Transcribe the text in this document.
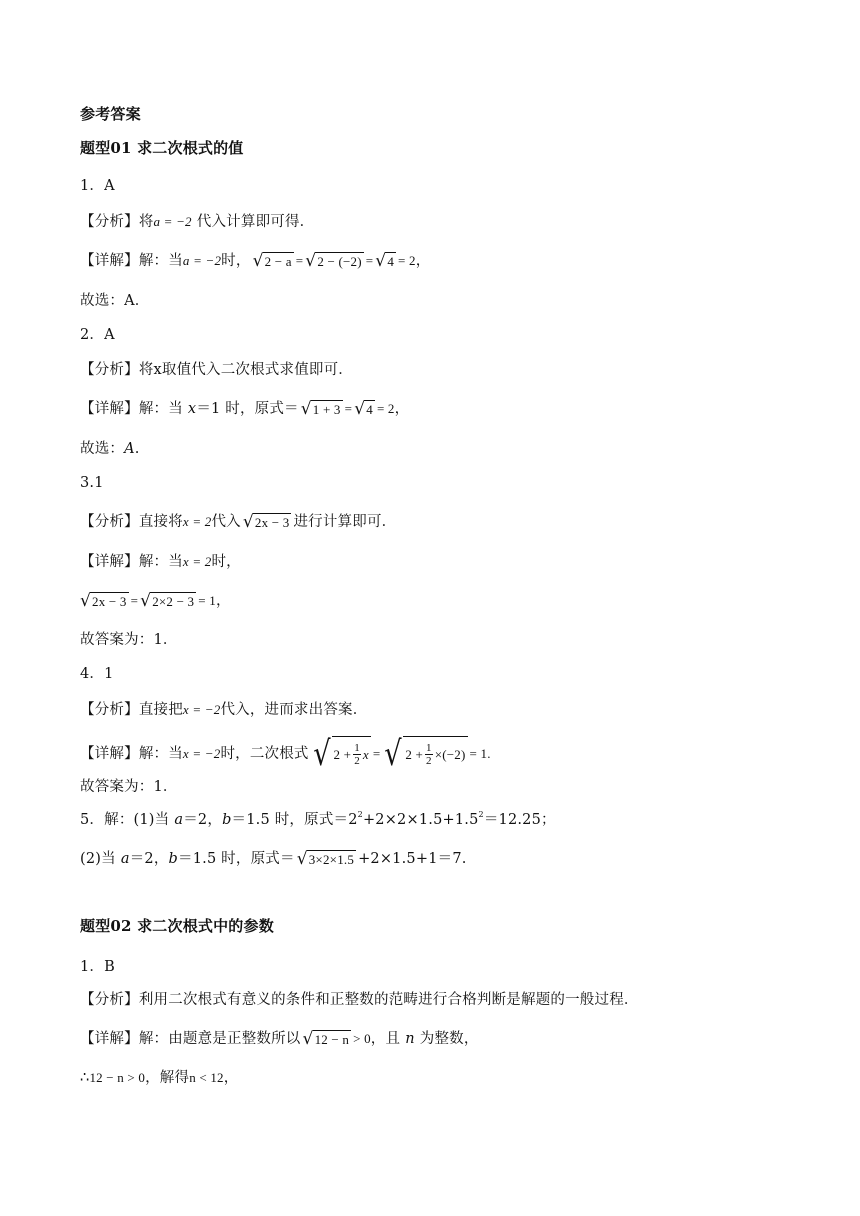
参考答案
题型01 求二次根式的值
1．A
【分析】 将 a = −2 代入计算即可得．
【详解】 解：当 a = −2 时， √ 2 − a = √ 2 − (−2) = √ 4 = 2 ，
故选：A．
2．A
【分析】 将x取值代入二次根式求值即可．
【详解】 解：当 x ＝1 时，原式＝ √ 1 + 3 = √ 4 = 2 ，
故选： A .
3.1
【分析】 直接将 x = 2 代入 √ 2x − 3 进行计算即可．
【详解】 解：当 x = 2 时，
√ 2x − 3 = √ 2×2 − 3 = 1 ，
故答案为：1．
4．1
【分析】 直接把 x = −2 代入，进而求出答案．
【详解】 解：当 x = −2 时，二次根式 √ $2 + \frac{1}{2}$ x = √ $2 + \frac{1}{2} \times(-2) = 1$.
故答案为：1．
5．解：(1)当 a ＝2， b ＝1.5 时，原式$=2^2 +2\times 2\times 1.5+1.5^2 =12.25$；
(2)当 a ＝2， b ＝1.5 时，原式＝ √ 3×2×1.5 +2×1.5+1＝7.
题型02 求二次根式中的参数
1．B
【分析】 利用二次根式有意义的条件和正整数的范畴进行合格判断是解题的一般过程．
【详解】 解：由题意是正整数所以 √ 12 − n > 0 ，且 n 为整数，
∴ 12 − n > 0 ，解得 n < 12 ，
